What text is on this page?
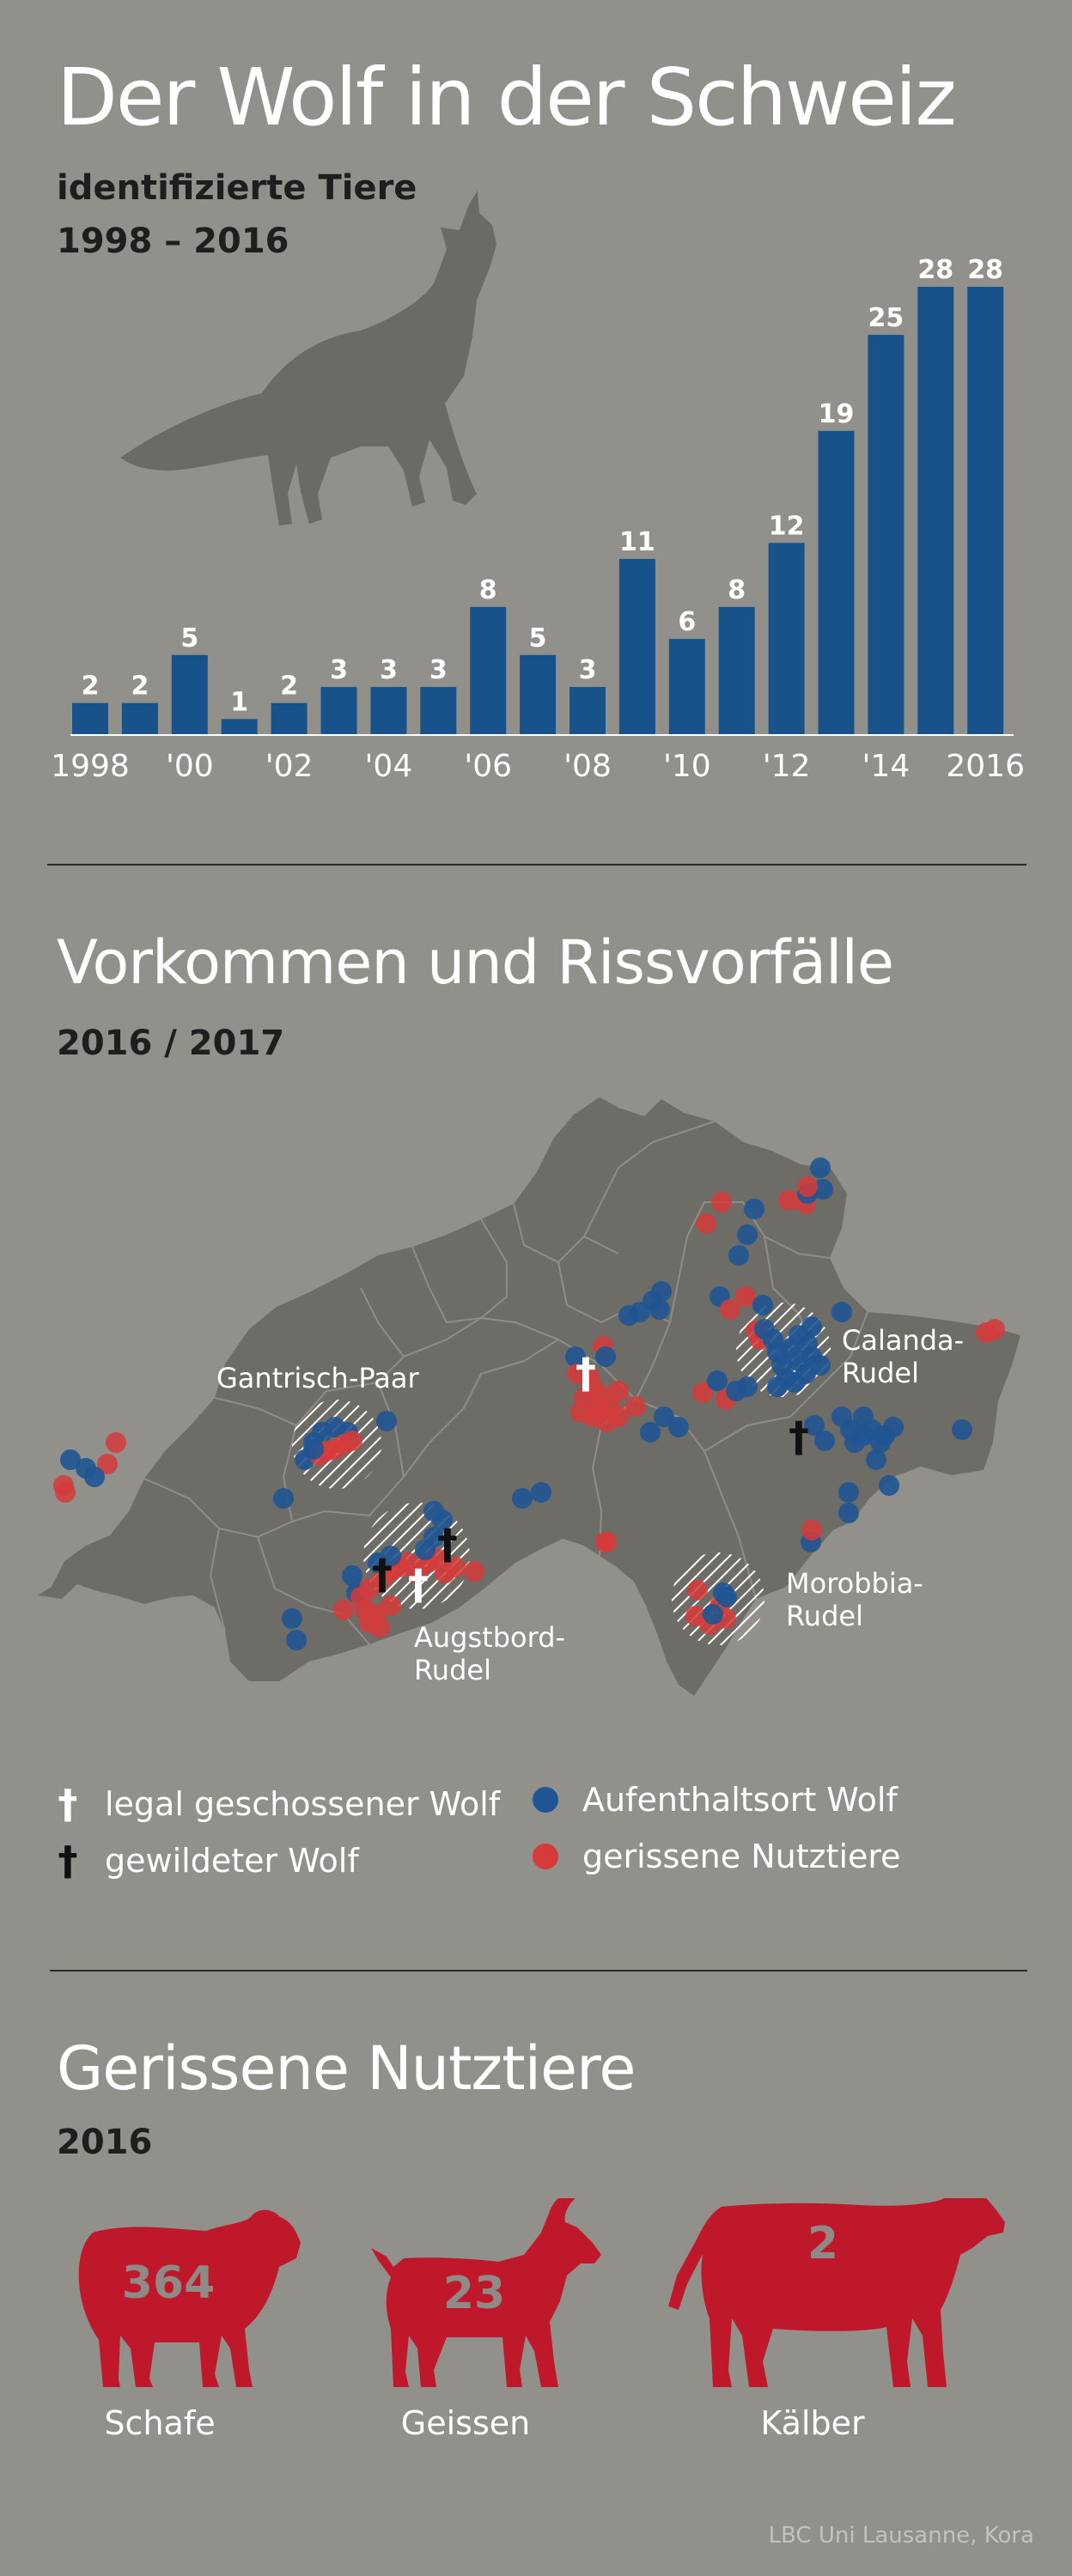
Der Wolf in der Schweiz
identifizierte Tiere
1998 – 2016
2 2
5
1
2
3 3 3
8
5
3
11
6
8
12
19
25
28 28
1998 '00 '02 '04 '06 '08 '10 '12 '14 2016
Vorkommen und Rissvorfälle
2016 / 2017
†
†
†
†
†
Gantrisch-Paar
Calanda-
Rudel
Augstbord-
Rudel
Morobbia-
Rudel
† legal geschossener Wolf
† gewildeter Wolf
Aufenthaltsort Wolf
gerissene Nutztiere
Gerissene Nutztiere
2016
364	23
2
Schafe	Geissen	Kälber
LBC Uni Lausanne, Kora
